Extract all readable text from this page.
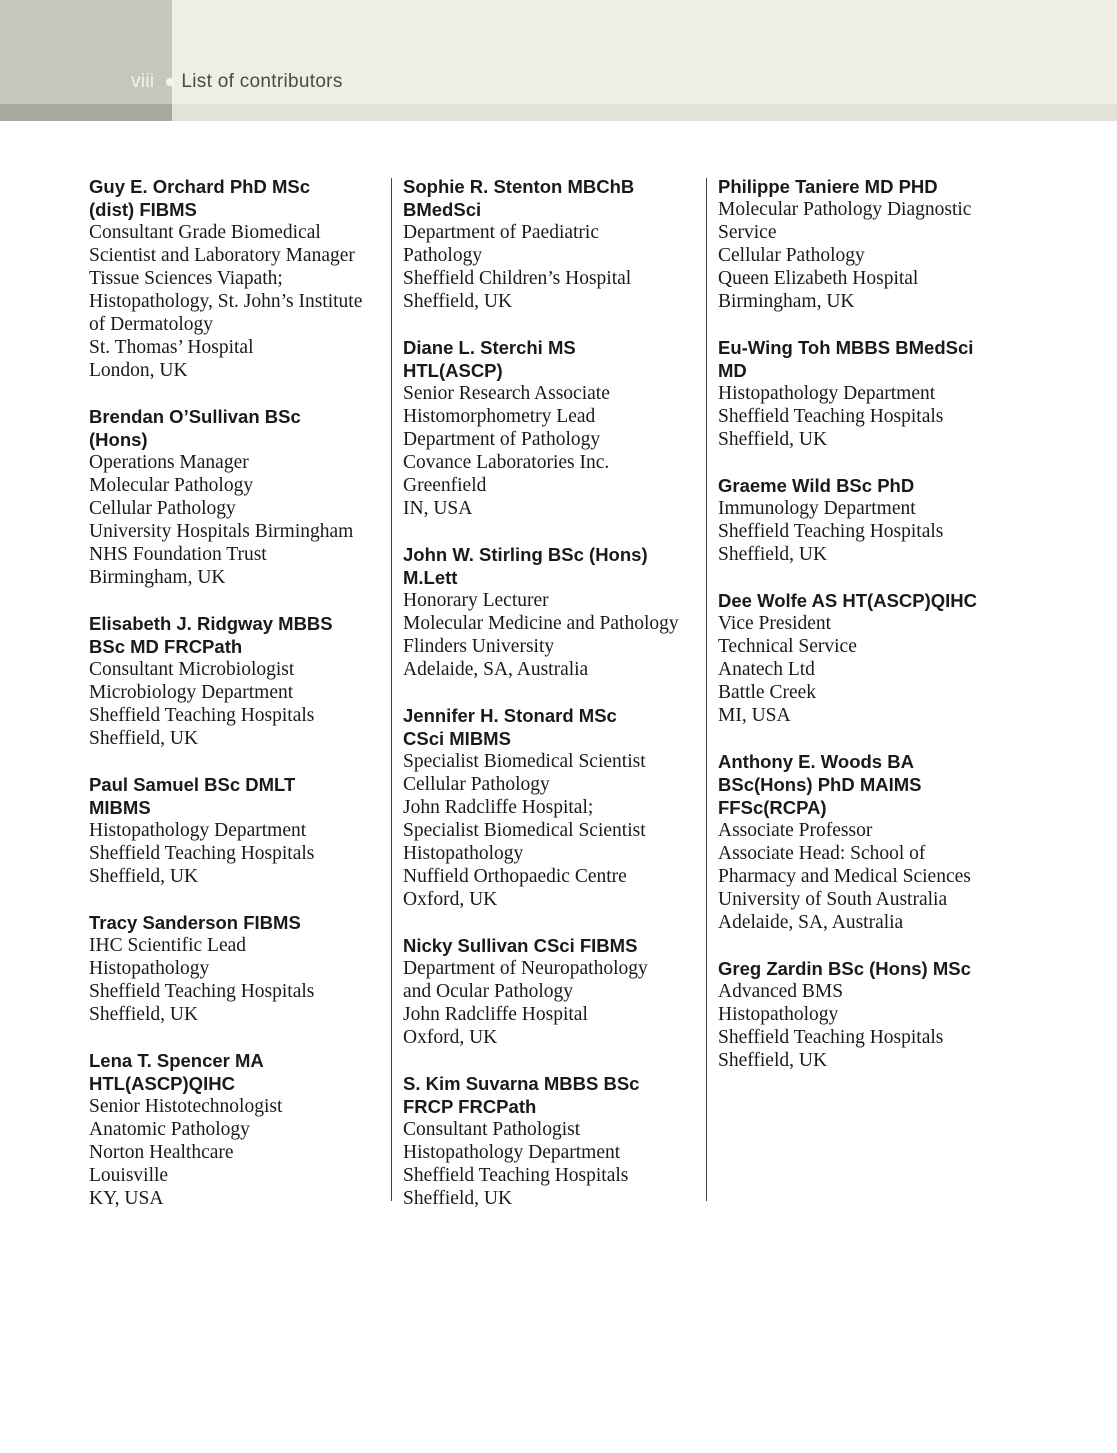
viii List of contributors
Guy E. Orchard PhD MSc
(dist) FIBMS
Consultant Grade Biomedical
Scientist and Laboratory Manager
Tissue Sciences Viapath;
Histopathology, St. John’s Institute
of Dermatology
St. Thomas’ Hospital
London, UK
Brendan O’Sullivan BSc
(Hons)
Operations Manager
Molecular Pathology
Cellular Pathology
University Hospitals Birmingham
NHS Foundation Trust
Birmingham, UK
Elisabeth J. Ridgway MBBS
BSc MD FRCPath
Consultant Microbiologist
Microbiology Department
Sheffield Teaching Hospitals
Sheffield, UK
Paul Samuel BSc DMLT
MIBMS
Histopathology Department
Sheffield Teaching Hospitals
Sheffield, UK
Tracy Sanderson FIBMS
IHC Scientific Lead
Histopathology
Sheffield Teaching Hospitals
Sheffield, UK
Lena T. Spencer MA
HTL(ASCP)QIHC
Senior Histotechnologist
Anatomic Pathology
Norton Healthcare
Louisville
KY, USA
Sophie R. Stenton MBChB
BMedSci
Department of Paediatric
Pathology
Sheffield Children’s Hospital
Sheffield, UK
Diane L. Sterchi MS
HTL(ASCP)
Senior Research Associate
Histomorphometry Lead
Department of Pathology
Covance Laboratories Inc.
Greenfield
IN, USA
John W. Stirling BSc (Hons)
M.Lett
Honorary Lecturer
Molecular Medicine and Pathology
Flinders University
Adelaide, SA, Australia
Jennifer H. Stonard MSc
CSci MIBMS
Specialist Biomedical Scientist
Cellular Pathology
John Radcliffe Hospital;
Specialist Biomedical Scientist
Histopathology
Nuffield Orthopaedic Centre
Oxford, UK
Nicky Sullivan CSci FIBMS
Department of Neuropathology
and Ocular Pathology
John Radcliffe Hospital
Oxford, UK
S. Kim Suvarna MBBS BSc
FRCP FRCPath
Consultant Pathologist
Histopathology Department
Sheffield Teaching Hospitals
Sheffield, UK
Philippe Taniere MD PHD
Molecular Pathology Diagnostic
Service
Cellular Pathology
Queen Elizabeth Hospital
Birmingham, UK
Eu-Wing Toh MBBS BMedSci
MD
Histopathology Department
Sheffield Teaching Hospitals
Sheffield, UK
Graeme Wild BSc PhD
Immunology Department
Sheffield Teaching Hospitals
Sheffield, UK
Dee Wolfe AS HT(ASCP)QIHC
Vice President
Technical Service
Anatech Ltd
Battle Creek
MI, USA
Anthony E. Woods BA
BSc(Hons) PhD MAIMS
FFSc(RCPA)
Associate Professor
Associate Head: School of
Pharmacy and Medical Sciences
University of South Australia
Adelaide, SA, Australia
Greg Zardin BSc (Hons) MSc
Advanced BMS
Histopathology
Sheffield Teaching Hospitals
Sheffield, UK
